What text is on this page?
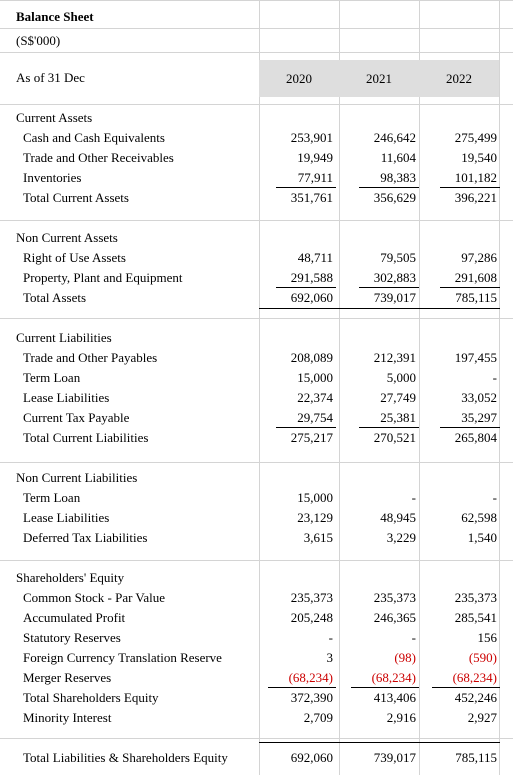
Balance Sheet
(S$'000)
As of 31 Dec	2020	2021	2022
Current Assets
Cash and Cash Equivalents	253,901	246,642	275,499
Trade and Other Receivables	19,949	11,604	19,540
Inventories	77,911	98,383	101,182
Total Current Assets	351,761	356,629	396,221
Non Current Assets
Right of Use Assets	48,711	79,505	97,286
Property, Plant and Equipment	291,588	302,883	291,608
Total Assets	692,060	739,017	785,115
Current Liabilities
Trade and Other Payables	208,089	212,391	197,455
Term Loan	15,000	5,000	-
Lease Liabilities	22,374	27,749	33,052
Current Tax Payable	29,754	25,381	35,297
Total Current Liabilities	275,217	270,521	265,804
Non Current Liabilities
Term Loan	15,000	-	-
Lease Liabilities	23,129	48,945	62,598
Deferred Tax Liabilities	3,615	3,229	1,540
Shareholders' Equity
Common Stock - Par Value	235,373	235,373	235,373
Accumulated Profit	205,248	246,365	285,541
Statutory Reserves	-	-	156
Foreign Currency Translation Reserve	3	(98)	(590)
Merger Reserves	(68,234)	(68,234)	(68,234)
Total Shareholders Equity	372,390	413,406	452,246
Minority Interest	2,709	2,916	2,927
Total Liabilities & Shareholders Equity	692,060	739,017	785,115
